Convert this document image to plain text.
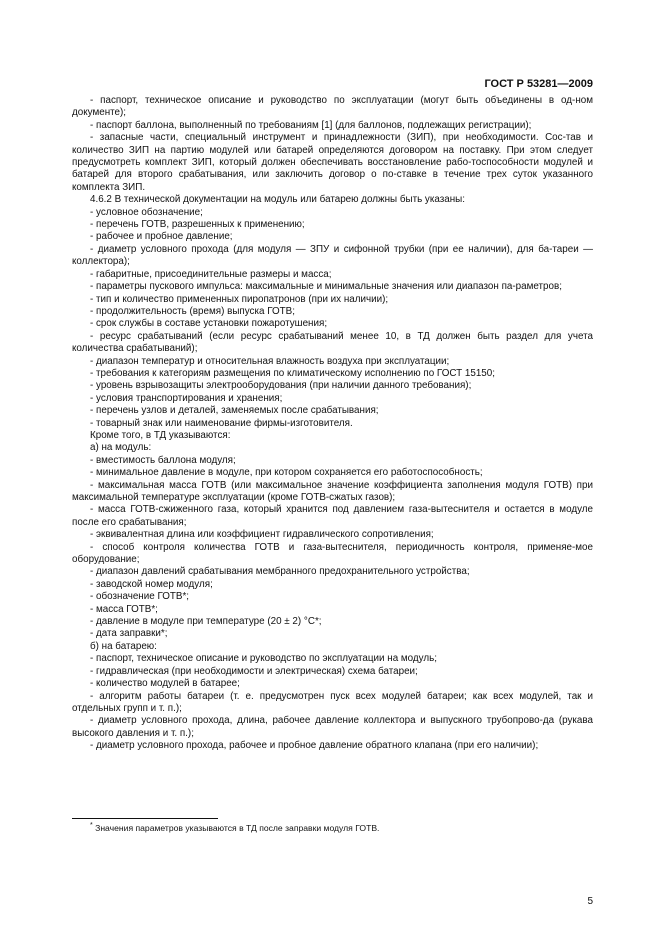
ГОСТ Р 53281—2009

- паспорт, техническое описание и руководство по эксплуатации (могут быть объединены в од-ном документе);

- паспорт баллона, выполненный по требованиям [1] (для баллонов, подлежащих регистрации);

- запасные части, специальный инструмент и принадлежности (ЗИП), при необходимости. Сос-тав и количество ЗИП на партию модулей или батарей определяются договором на поставку. При этом следует предусмотреть комплект ЗИП, который должен обеспечивать восстановление рабо-тоспособности модулей и батарей для второго срабатывания, или заключить договор о по-ставке в течение трех суток указанного комплекта ЗИП.

4.6.2 В технической документации на модуль или батарею должны быть указаны:

- условное обозначение;

- перечень ГОТВ, разрешенных к применению;

- рабочее и пробное давление;

- диаметр условного прохода (для модуля — ЗПУ и сифонной трубки (при ее наличии), для ба-тареи — коллектора);

- габаритные, присоединительные размеры и масса;

- параметры пускового импульса: максимальные и минимальные значения или диапазон па-раметров;

- тип и количество примененных пиропатронов (при их наличии);

- продолжительность (время) выпуска ГОТВ;

- срок службы в составе установки пожаротушения;

- ресурс срабатываний (если ресурс срабатываний менее 10, в ТД должен быть раздел для учета количества срабатываний);

- диапазон температур и относительная влажность воздуха при эксплуатации;

- требования к категориям размещения по климатическому исполнению по ГОСТ 15150;

- уровень взрывозащиты электрооборудования (при наличии данного требования);

- условия транспортирования и хранения;

- перечень узлов и деталей, заменяемых после срабатывания;

- товарный знак или наименование фирмы-изготовителя.

Кроме того, в ТД указываются:

а) на модуль:

- вместимость баллона модуля;

- минимальное давление в модуле, при котором сохраняется его работоспособность;

- максимальная масса ГОТВ (или максимальное значение коэффициента заполнения модуля ГОТВ) при максимальной температуре эксплуатации (кроме ГОТВ-сжатых газов);

- масса ГОТВ-сжиженного газа, который хранится под давлением газа-вытеснителя и остается в модуле после его срабатывания;

- эквивалентная длина или коэффициент гидравлического сопротивления;

- способ контроля количества ГОТВ и газа-вытеснителя, периодичность контроля, применяе-мое оборудование;

- диапазон давлений срабатывания мембранного предохранительного устройства;

- заводской номер модуля;

- обозначение ГОТВ*;

- масса ГОТВ*;

- давление в модуле при температуре (20 ± 2) °С*;

- дата заправки*;

б) на батарею:

- паспорт, техническое описание и руководство по эксплуатации на модуль;

- гидравлическая (при необходимости и электрическая) схема батареи;

- количество модулей в батарее;

- алгоритм работы батареи (т. е. предусмотрен пуск всех модулей батареи; как всех модулей, так и отдельных групп и т. п.);

- диаметр условного прохода, длина, рабочее давление коллектора и выпускного трубопрово-да (рукава высокого давления и т. п.);

- диаметр условного прохода, рабочее и пробное давление обратного клапана (при его наличии);

* Значения параметров указываются в ТД после заправки модуля ГОТВ.
5
